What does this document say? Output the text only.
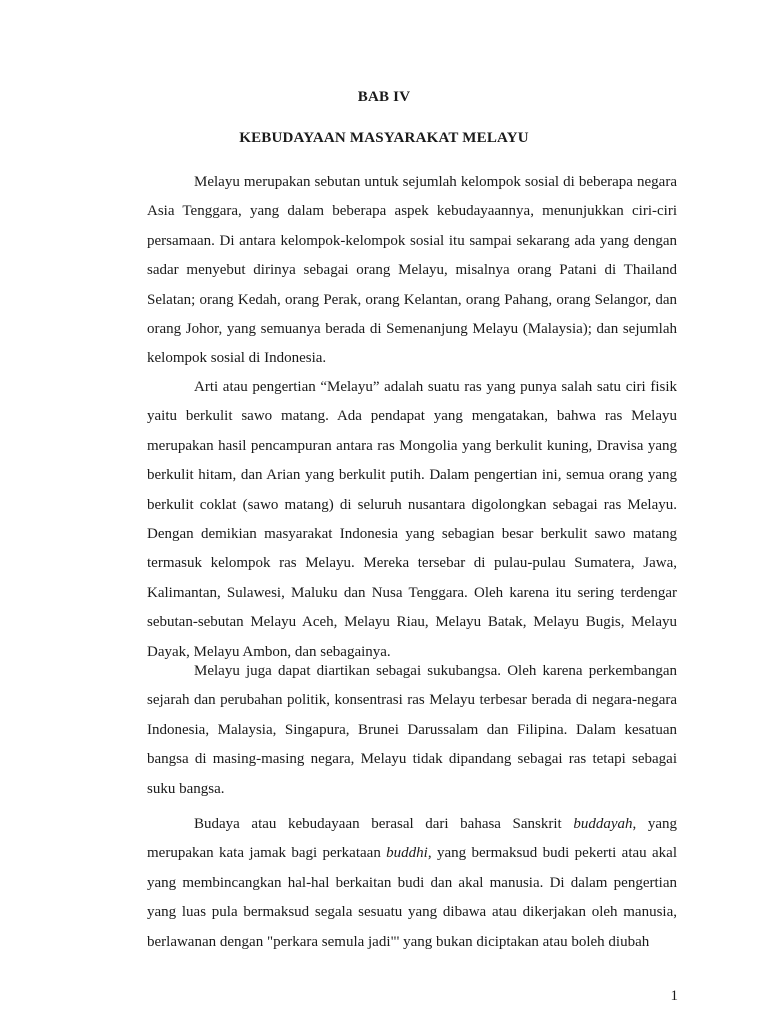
BAB IV
KEBUDAYAAN MASYARAKAT MELAYU

Melayu merupakan sebutan untuk sejumlah kelompok sosial di beberapa negara Asia Tenggara, yang dalam beberapa aspek kebudayaannya, menunjukkan ciri-ciri persamaan. Di antara kelompok-kelompok sosial itu sampai sekarang ada yang dengan sadar menyebut dirinya sebagai orang Melayu, misalnya orang Patani di Thailand Selatan; orang Kedah, orang Perak, orang Kelantan, orang Pahang, orang Selangor, dan orang Johor, yang semuanya berada di Semenanjung Melayu (Malaysia); dan sejumlah kelompok sosial di Indonesia.

Arti atau pengertian “Melayu” adalah suatu ras yang punya salah satu ciri fisik yaitu berkulit sawo matang. Ada pendapat yang mengatakan, bahwa ras Melayu merupakan hasil pencampuran antara ras Mongolia yang berkulit kuning, Dravisa yang berkulit hitam, dan Arian yang berkulit putih. Dalam pengertian ini, semua orang yang berkulit coklat (sawo matang) di seluruh nusantara digolongkan sebagai ras Melayu. Dengan demikian masyarakat Indonesia yang sebagian besar berkulit sawo matang termasuk kelompok ras Melayu. Mereka tersebar di pulau-pulau Sumatera, Jawa, Kalimantan, Sulawesi, Maluku dan Nusa Tenggara. Oleh karena itu sering terdengar sebutan-sebutan Melayu Aceh, Melayu Riau, Melayu Batak, Melayu Bugis, Melayu Dayak, Melayu Ambon, dan sebagainya.

Melayu juga dapat diartikan sebagai sukubangsa. Oleh karena perkembangan sejarah dan perubahan politik, konsentrasi ras Melayu terbesar berada di negara-negara Indonesia, Malaysia, Singapura, Brunei Darussalam dan Filipina. Dalam kesatuan bangsa di masing-masing negara, Melayu tidak dipandang sebagai ras tetapi sebagai suku bangsa.

Budaya atau kebudayaan berasal dari bahasa Sanskrit buddayah, yang merupakan kata jamak bagi perkataan buddhi, yang bermaksud budi pekerti atau akal yang membincangkan hal-hal berkaitan budi dan akal manusia. Di dalam pengertian yang luas pula bermaksud segala sesuatu yang dibawa atau dikerjakan oleh manusia, berlawanan dengan "perkara semula jadi"' yang bukan diciptakan atau boleh diubah

1
